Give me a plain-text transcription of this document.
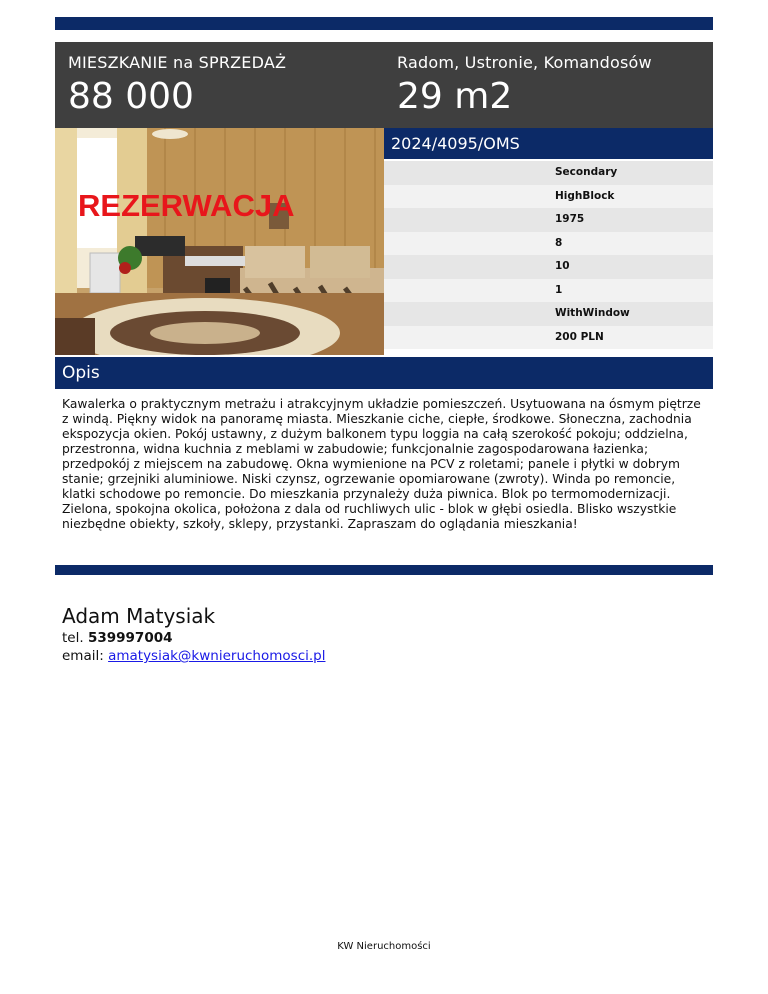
MIESZKANIE na SPRZEDAŻ
88 000
Radom, Ustronie, Komandosów
29 m2
REZERWACJA
2024/4095/OMS
Secondary
HighBlock
1975
8
10
1
WithWindow
200 PLN
Opis
Kawalerka o praktycznym metrażu i atrakcyjnym układzie pomieszczeń. Usytuowana na ósmym piętrze z windą. Piękny widok na panoramę miasta. Mieszkanie ciche, ciepłe, środkowe. Słoneczna, zachodnia ekspozycja okien. Pokój ustawny, z dużym balkonem typu loggia na całą szerokość pokoju; oddzielna, przestronna, widna kuchnia z meblami w zabudowie; funkcjonalnie zagospodarowana łazienka; przedpokój z miejscem na zabudowę. Okna wymienione na PCV z roletami; panele i płytki w dobrym stanie; grzejniki aluminiowe. Niski czynsz, ogrzewanie opomiarowane (zwroty). Winda po remoncie, klatki schodowe po remoncie. Do mieszkania przynależy duża piwnica. Blok po termomodernizacji. Zielona, spokojna okolica, położona z dala od ruchliwych ulic - blok w głębi osiedla. Blisko wszystkie niezbędne obiekty, szkoły, sklepy, przystanki. Zapraszam do oglądania mieszkania!
Adam Matysiak
tel. 539997004
email: amatysiak@kwnieruchomosci.pl
KW Nieruchomości
